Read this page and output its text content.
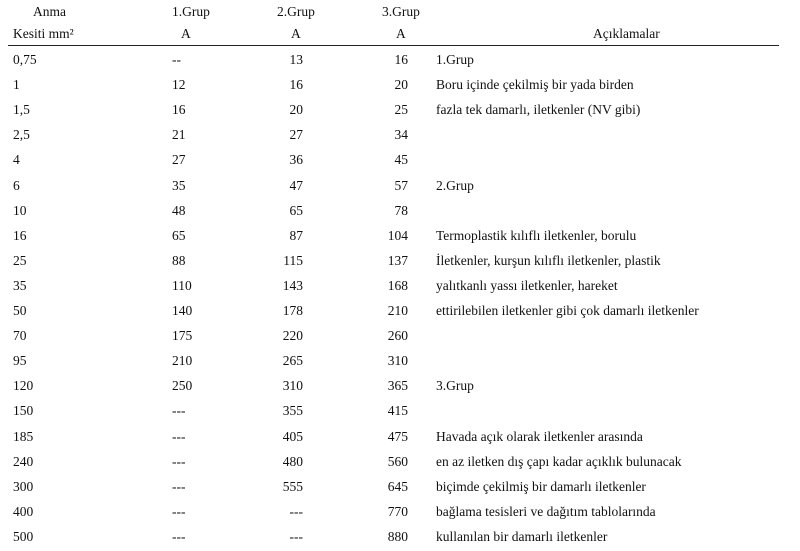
Anma	1.Grup	2.Grup	3.Grup
Kesiti mm²	A	A	A	Açıklamalar
0,75	--	13	16 1.Grup
1	12	16	20 Boru içinde çekilmiş bir yada birden
1,5	16	20	25 fazla tek damarlı, iletkenler (NV gibi)
2,5	21	27	34
4	27	36	45
6	35	47	57 2.Grup
10	48	65	78
16	65	87	104 Termoplastik kılıflı iletkenler, borulu
25	88	115	137 İletkenler, kurşun kılıflı iletkenler, plastik
35	110	143	168 yalıtkanlı yassı iletkenler, hareket
50	140	178	210 ettirilebilen iletkenler gibi çok damarlı iletkenler
70	175	220	260
95	210	265	310
120	250	310	365 3.Grup
150	---	355	415
185	---	405	475 Havada açık olarak iletkenler arasında
240	---	480	560 en az iletken dış çapı kadar açıklık bulunacak
300	---	555	645 biçimde çekilmiş bir damarlı iletkenler
400	---	---	770 bağlama tesisleri ve dağıtım tablolarında
500	---	---	880 kullanılan bir damarlı iletkenler
